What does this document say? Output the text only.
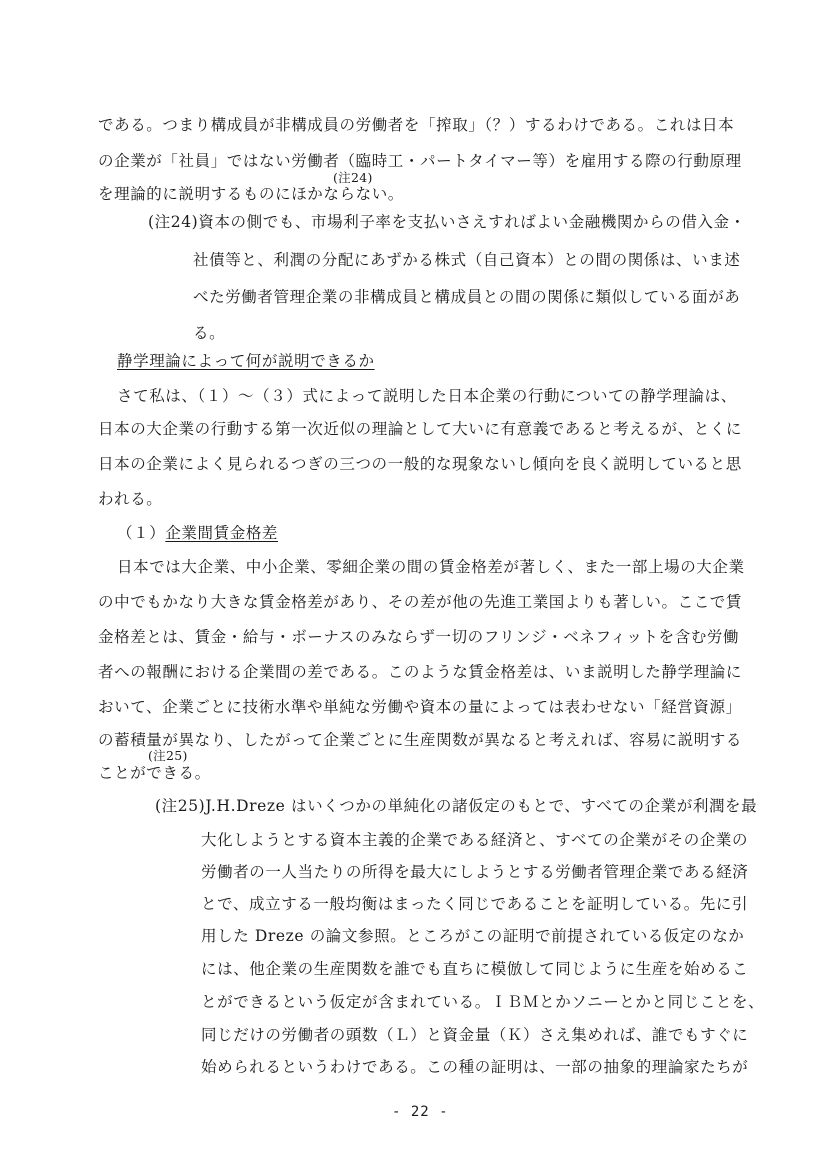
である。つまり構成員が非構成員の労働者を「搾取」（？）するわけである。これは日本
の企業が「社員」ではない労働者（臨時工・パートタイマー等）を雇用する際の行動原理
(注24)
を理論的に説明するものにほかならない。
(注24)資本の側でも、市場利子率を支払いさえすればよい金融機関からの借入金・
社債等と、利潤の分配にあずかる株式（自己資本）との間の関係は、いま述
べた労働者管理企業の非構成員と構成員との間の関係に類似している面があ
る。
静学理論によって何が説明できるか
さて私は、（１）〜（３）式によって説明した日本企業の行動についての静学理論は、
日本の大企業の行動する第一次近似の理論として大いに有意義であると考えるが、とくに
日本の企業によく見られるつぎの三つの一般的な現象ないし傾向を良く説明していると思
われる。
（１）企業間賃金格差
日本では大企業、中小企業、零細企業の間の賃金格差が著しく、また一部上場の大企業
の中でもかなり大きな賃金格差があり、その差が他の先進工業国よりも著しい。ここで賃
金格差とは、賃金・給与・ボーナスのみならず一切のフリンジ・ベネフィットを含む労働
者への報酬における企業間の差である。このような賃金格差は、いま説明した静学理論に
おいて、企業ごとに技術水準や単純な労働や資本の量によっては表わせない「経営資源」
の蓄積量が異なり、したがって企業ごとに生産関数が異なると考えれば、容易に説明する
(注25)
ことができる。
(注25)J.H.Dreze はいくつかの単純化の諸仮定のもとで、すべての企業が利潤を最
大化しようとする資本主義的企業である経済と、すべての企業がその企業の
労働者の一人当たりの所得を最大にしようとする労働者管理企業である経済
とで、成立する一般均衡はまったく同じであることを証明している。先に引
用した Dreze の論文参照。ところがこの証明で前提されている仮定のなか
には、他企業の生産関数を誰でも直ちに模倣して同じように生産を始めるこ
とができるという仮定が含まれている。ＩＢＭとかソニーとかと同じことを、
同じだけの労働者の頭数（Ｌ）と資金量（Ｋ）さえ集めれば、誰でもすぐに
始められるというわけである。この種の証明は、一部の抽象的理論家たちが
- 22 -
